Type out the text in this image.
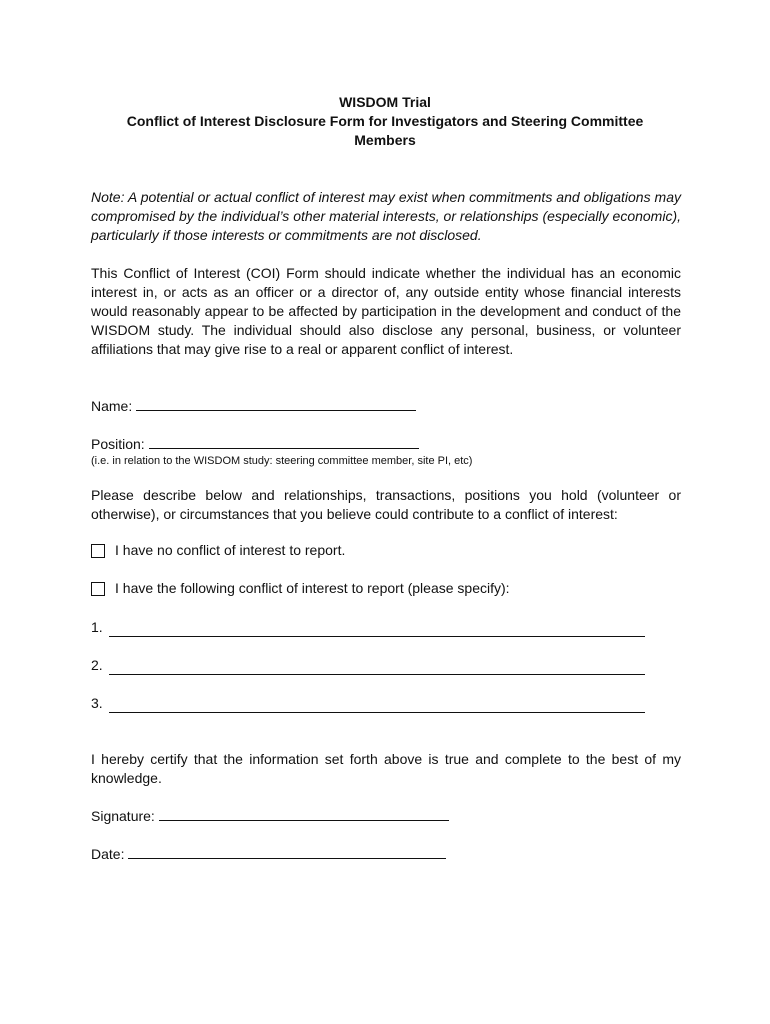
WISDOM Trial
Conflict of Interest Disclosure Form for Investigators and Steering Committee
Members
Note: A potential or actual conflict of interest may exist when commitments and obligations may compromised by the individual’s other material interests, or relationships (especially economic), particularly if those interests or commitments are not disclosed.
This Conflict of Interest (COI) Form should indicate whether the individual has an economic interest in, or acts as an officer or a director of, any outside entity whose financial interests would reasonably appear to be affected by participation in the development and conduct of the WISDOM study. The individual should also disclose any personal, business, or volunteer affiliations that may give rise to a real or apparent conflict of interest.
Name:
Position:
(i.e. in relation to the WISDOM study: steering committee member, site PI, etc)
Please describe below and relationships, transactions, positions you hold (volunteer or otherwise), or circumstances that you believe could contribute to a conflict of interest:
I have no conflict of interest to report.
I have the following conflict of interest to report (please specify):
1.
2.
3.
I hereby certify that the information set forth above is true and complete to the best of my knowledge.
Signature:
Date:
